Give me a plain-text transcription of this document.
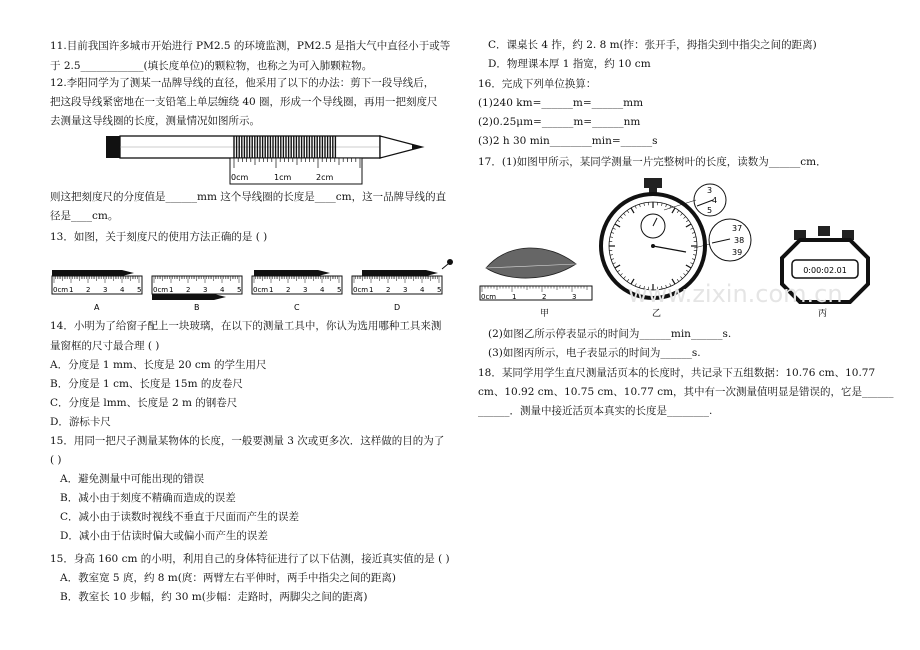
11.目前我国许多城市开始进行 PM2.5 的环境监测，PM2.5 是指大气中直径小于或等

于 2.5____________(填长度单位)的颗粒物，也称之为可入肺颗粒物。

12.李阳同学为了测某一品牌导线的直径，他采用了以下的办法：剪下一段导线后，

把这段导线紧密地在一支铅笔上单层缠绕 40 圈，形成一个导线圈，再用一把刻度尺

去测量这导线圈的长度，测量情况如图所示。

0cm	1cm	2cm

则这把刻度尺的分度值是______mm 这个导线圈的长度是____cm，这一品牌导线的直

径是____cm。

13．如图，关于刻度尺的使用方法正确的是 ( )

0cm 1 2 3 4 5 0cm 1 2 3 4 5 0cm 1 2 3 4 5 0cm 1 2 3 4 5
A	B	C	D

14．小明为了给窗子配上一块玻璃，在以下的测量工具中，你认为选用哪种工具来测

量窗框的尺寸最合理 ( )

A．分度是 1 mm、长度是 20 cm 的学生用尺

B．分度是 1 cm、长度是 15m 的皮卷尺

C．分度是 lmm、长度是 2 m 的钢卷尺

D．游标卡尺

15．用同一把尺子测量某物体的长度，一般要测量 3 次或更多次．这样做的目的为了

( )

A．避免测量中可能出现的错误

B．减小由于刻度不精确而造成的误差

C．减小由于读数时视线不垂直于尺面而产生的误差

D．减小由于估读时偏大或偏小而产生的误差

15．身高 160 cm 的小明，利用自己的身体特征进行了以下估测，接近真实值的是 ( )

A．教室宽 5 庹，约 8 m(庹：两臂左右平伸时，两手中指尖之间的距离)

B．教室长 10 步幅，约 30 m(步幅：走路时，两脚尖之间的距离)

C．课桌长 4 拃，约 2. 8 m(拃：张开手，拇指尖到中指尖之间的距离)

D．物理课本厚 1 指宽，约 10 cm

16．完成下列单位换算：

(1)240 km=______m=______mm

(2)0.25μm=______m=______nm

(3)2 h 30 min________min=______s

17．(1)如图甲所示，某同学测量一片完整树叶的长度，读数为______cm．

0cm 1	2	3
甲
3
4
5
37
38
39
乙
0:00:02.01
丙
www.zixin.com.cn

(2)如图乙所示停表显示的时间为______min______s.

(3)如图丙所示，电子表显示的时间为______s.

18．某同学用学生直尺测量活页本的长度时，共记录下五组数据：10.76 cm、10.77

cm、10.92 cm、10.75 cm、10.77 cm，其中有一次测量值明显是错误的，它是______

______．测量中接近活页本真实的长度是________.
